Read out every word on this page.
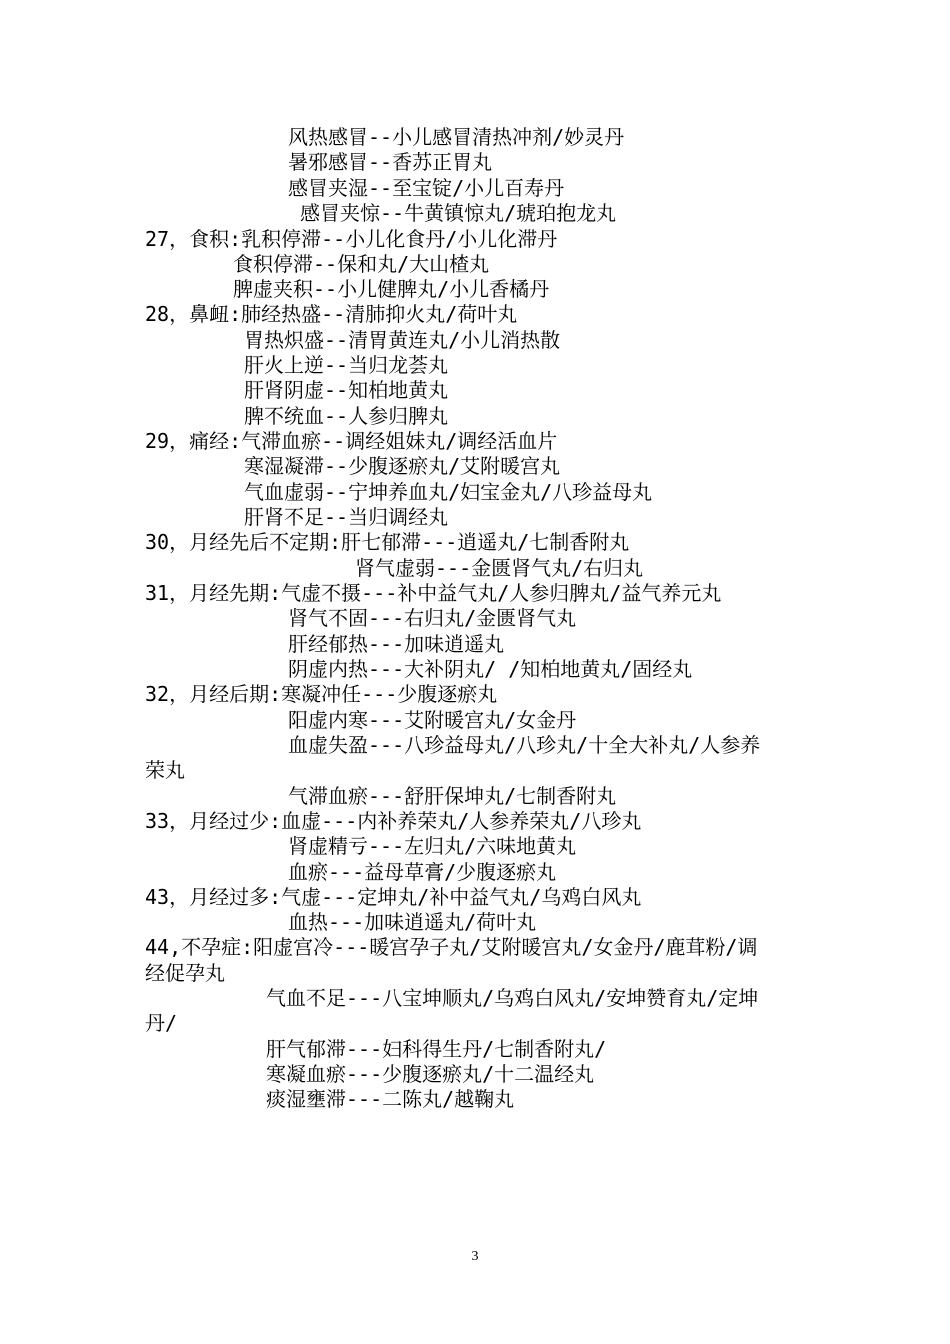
风热感冒--小儿感冒清热冲剂/妙灵丹
暑邪感冒--香苏正胃丸
感冒夹湿--至宝锭/小儿百寿丹
感冒夹惊--牛黄镇惊丸/琥珀抱龙丸
27，食积:乳积停滞--小儿化食丹/小儿化滞丹
食积停滞--保和丸/大山楂丸
脾虚夹积--小儿健脾丸/小儿香橘丹
28，鼻衄:肺经热盛--清肺抑火丸/荷叶丸
胃热炽盛--清胃黄连丸/小儿消热散
肝火上逆--当归龙荟丸
肝肾阴虚--知柏地黄丸
脾不统血--人参归脾丸
29，痛经:气滞血瘀--调经姐妹丸/调经活血片
寒湿凝滞--少腹逐瘀丸/艾附暖宫丸
气血虚弱--宁坤养血丸/妇宝金丸/八珍益母丸
肝肾不足--当归调经丸
30，月经先后不定期:肝七郁滞---逍遥丸/七制香附丸
肾气虚弱---金匮肾气丸/右归丸
31，月经先期:气虚不摄---补中益气丸/人参归脾丸/益气养元丸
肾气不固---右归丸/金匮肾气丸
肝经郁热---加味逍遥丸
阴虚内热---大补阴丸/ /知柏地黄丸/固经丸
32，月经后期:寒凝冲任---少腹逐瘀丸
阳虚内寒---艾附暖宫丸/女金丹
血虚失盈---八珍益母丸/八珍丸/十全大补丸/人参养
荣丸
气滞血瘀---舒肝保坤丸/七制香附丸
33，月经过少:血虚---内补养荣丸/人参养荣丸/八珍丸
肾虚精亏---左归丸/六味地黄丸
血瘀---益母草膏/少腹逐瘀丸
43，月经过多:气虚---定坤丸/补中益气丸/乌鸡白风丸
血热---加味逍遥丸/荷叶丸
44,不孕症:阳虚宫冷---暖宫孕子丸/艾附暖宫丸/女金丹/鹿茸粉/调
经促孕丸
气血不足---八宝坤顺丸/乌鸡白风丸/安坤赞育丸/定坤
丹/
肝气郁滞---妇科得生丹/七制香附丸/
寒凝血瘀---少腹逐瘀丸/十二温经丸
痰湿壅滞---二陈丸/越鞠丸
3
